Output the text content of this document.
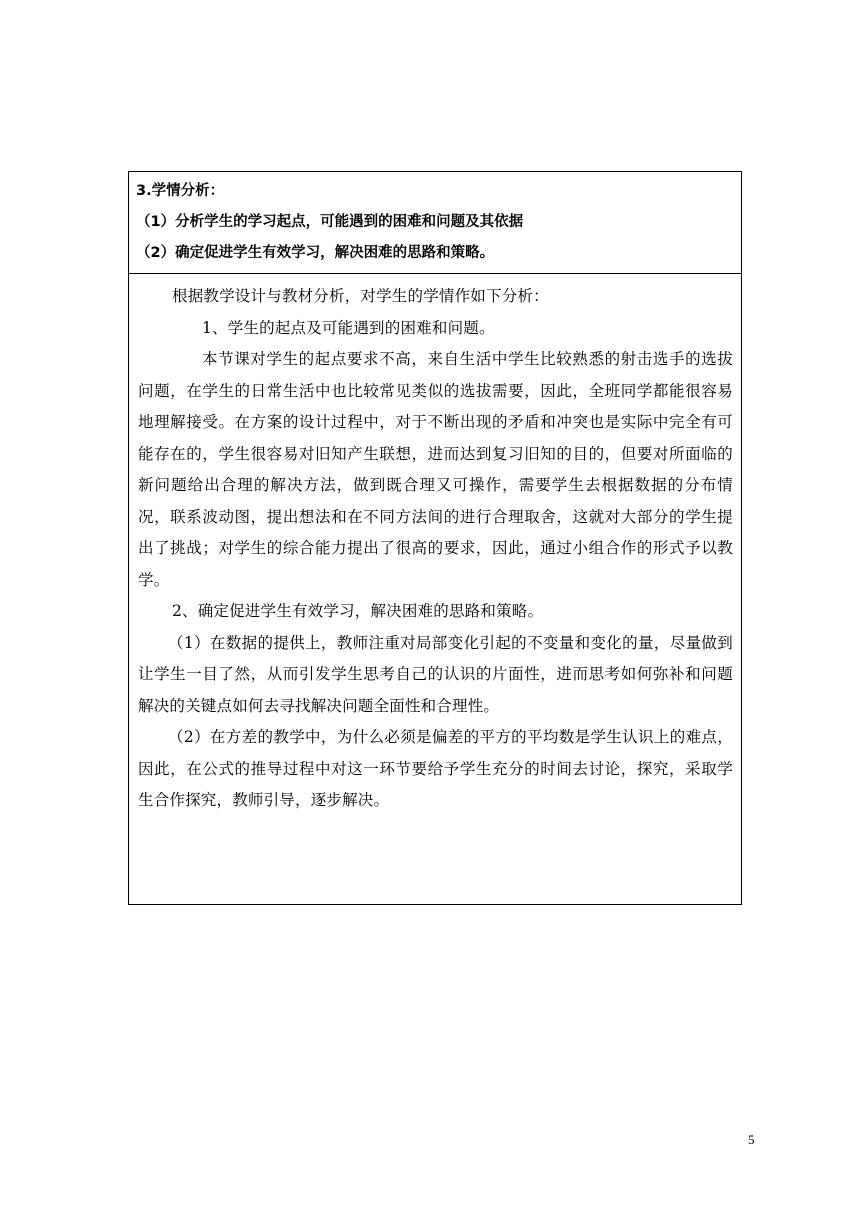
3.学情分析：
（1）分析学生的学习起点，可能遇到的困难和问题及其依据
（2）确定促进学生有效学习，解决困难的思路和策略。

根据教学设计与教材分析，对学生的学情作如下分析：

1、学生的起点及可能遇到的困难和问题。

本节课对学生的起点要求不高，来自生活中学生比较熟悉的射击选手的选拔问题，在学生的日常生活中也比较常见类似的选拔需要，因此，全班同学都能很容易地理解接受。在方案的设计过程中，对于不断出现的矛盾和冲突也是实际中完全有可能存在的，学生很容易对旧知产生联想，进而达到复习旧知的目的，但要对所面临的新问题给出合理的解决方法，做到既合理又可操作，需要学生去根据数据的分布情况，联系波动图，提出想法和在不同方法间的进行合理取舍，这就对大部分的学生提出了挑战；对学生的综合能力提出了很高的要求，因此，通过小组合作的形式予以教学。

2、确定促进学生有效学习，解决困难的思路和策略。

（1）在数据的提供上，教师注重对局部变化引起的不变量和变化的量，尽量做到让学生一目了然，从而引发学生思考自己的认识的片面性，进而思考如何弥补和问题解决的关键点如何去寻找解决问题全面性和合理性。

（2）在方差的教学中，为什么必须是偏差的平方的平均数是学生认识上的难点，因此，在公式的推导过程中对这一环节要给予学生充分的时间去讨论，探究，采取学生合作探究，教师引导，逐步解决。

5
